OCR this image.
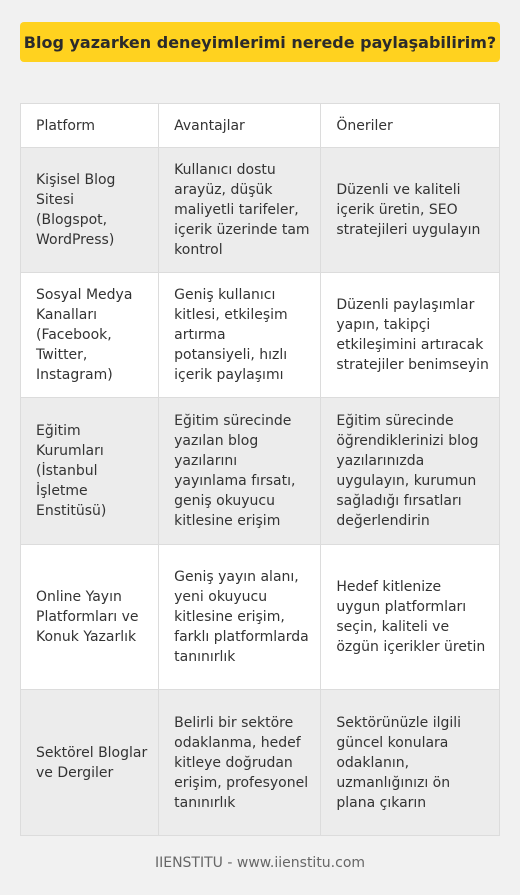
Blog yazarken deneyimlerimi nerede paylaşabilirim?
Platform	Avantajlar	Öneriler
Kişisel Blog Sitesi (Blogspot, WordPress)	Kullanıcı dostu arayüz, düşük maliyetli tarifeler, içerik üzerinde tam kontrol	Düzenli ve kaliteli içerik üretin, SEO stratejileri uygulayın
Sosyal Medya Kanalları (Facebook, Twitter, Instagram)	Geniş kullanıcı kitlesi, etkileşim artırma potansiyeli, hızlı içerik paylaşımı	Düzenli paylaşımlar yapın, takipçi etkileşimini artıracak stratejiler benimseyin
Eğitim Kurumları (İstanbul İşletme Enstitüsü)	Eğitim sürecinde yazılan blog yazılarını yayınlama fırsatı, geniş okuyucu kitlesine erişim	Eğitim sürecinde öğrendiklerinizi blog yazılarınızda uygulayın, kurumun sağladığı fırsatları değerlendirin
Online Yayın Platformları ve Konuk Yazarlık	Geniş yayın alanı, yeni okuyucu kitlesine erişim, farklı platformlarda tanınırlık	Hedef kitlenize uygun platformları seçin, kaliteli ve özgün içerikler üretin
Sektörel Bloglar ve Dergiler	Belirli bir sektöre odaklanma, hedef kitleye doğrudan erişim, profesyonel tanınırlık	Sektörünüzle ilgili güncel konulara odaklanın, uzmanlığınızı ön plana çıkarın
IIENSTITU - www.iienstitu.com
